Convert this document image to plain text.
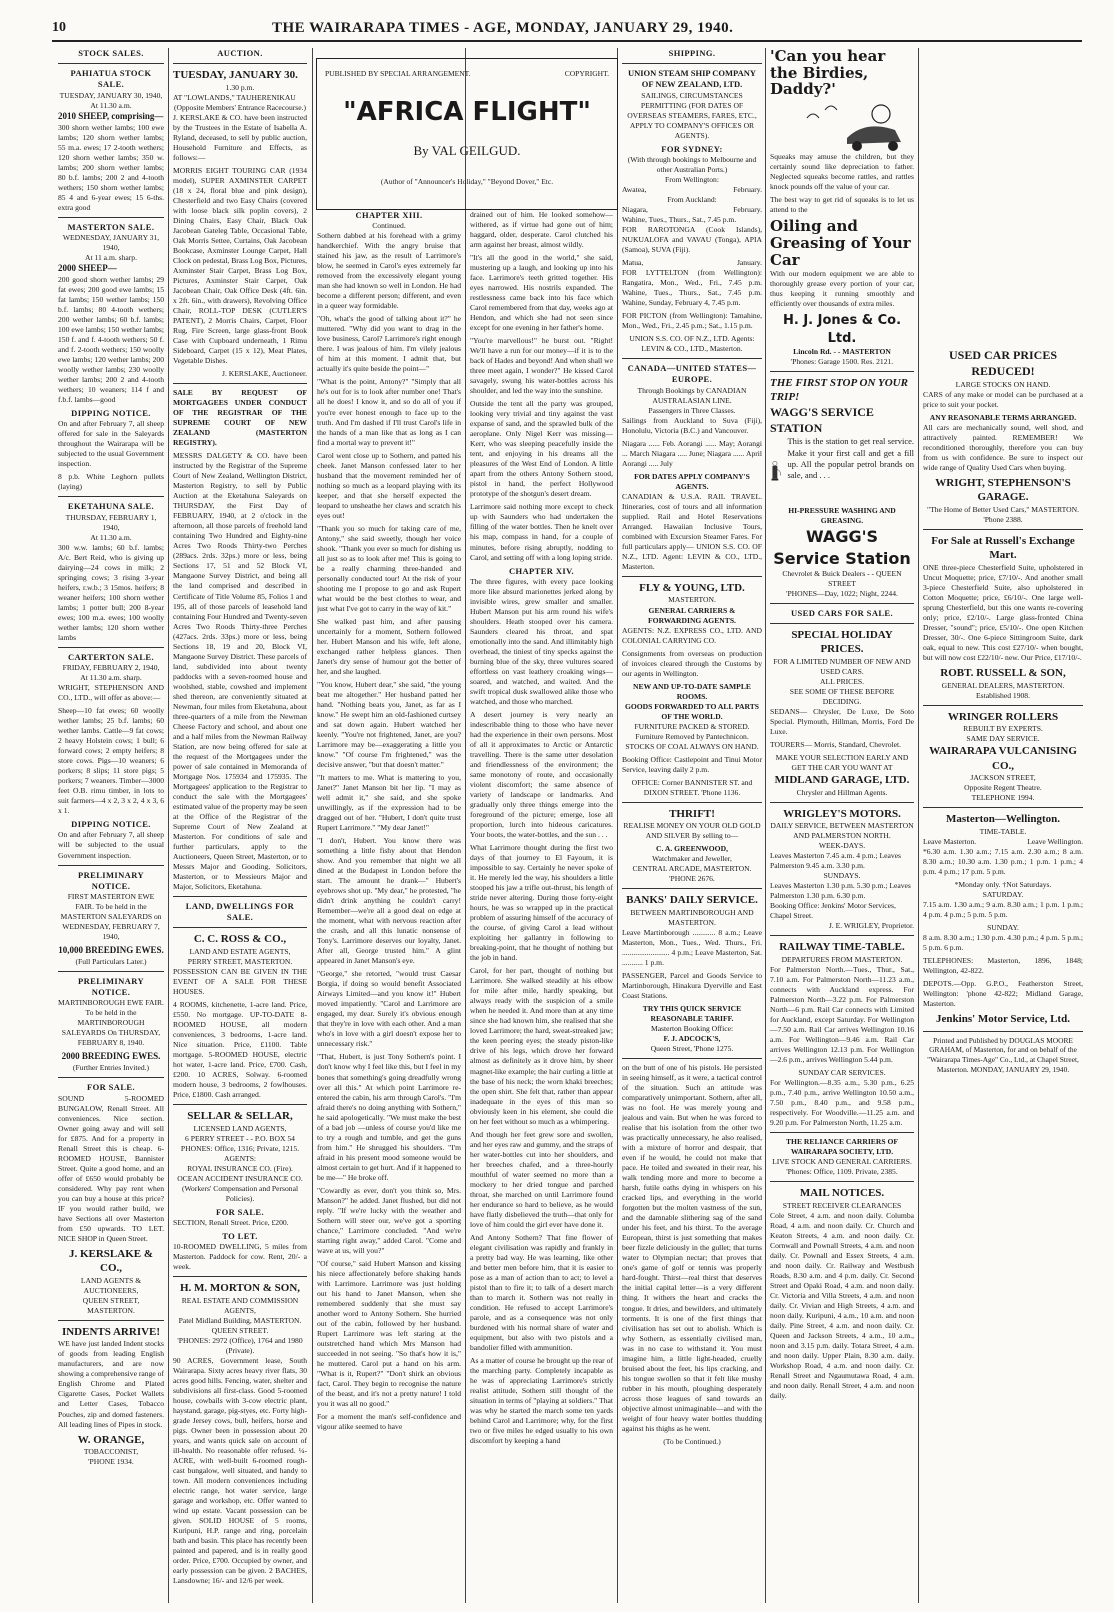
10	THE WAIRARAPA TIMES - AGE, MONDAY, JANUARY 29, 1940.
STOCK SALES.
PAHIATUA STOCK SALE.
TUESDAY, JANUARY 30, 1940,
At 11.30 a.m.
2010 SHEEP, comprising—

300 shorn wether lambs; 100 ewe lambs; 120 shorn wether lambs; 55 m.a. ewes; 17 2-tooth wethers; 120 shorn wether lambs; 350 w. lambs; 200 shorn wether lambs; 80 b.f. lambs; 200 2 and 4-tooth wethers; 150 shorn wether lambs; 85 4 and 6-year ewes; 15 6-ths. extra good

MASTERTON SALE.
WEDNESDAY, JANUARY 31, 1940,
At 11 a.m. sharp.
2000 SHEEP—

200 good shorn wether lambs; 29 fat ewes; 200 good ewe lambs; 15 fat lambs; 150 wether lambs; 150 b.f. lambs; 80 4-tooth wethers; 200 wether lambs; 60 b.f. lambs; 100 ewe lambs; 150 wether lambs; 150 f. and f. 4-tooth wethers; 50 f. and f. 2-tooth wethers; 150 woolly ewe lambs; 120 wether lambs; 200 woolly wether lambs; 230 woolly wether lambs; 200 2 and 4-tooth wethers; 10 weaners; 114 f and f.b.f. lambs—good

DIPPING NOTICE.

On and after February 7, all sheep offered for sale in the Saleyards throughout the Wairarapa will be subjected to the usual Government inspection.

8 p.b. White Leghorn pullets (laying)

EKETAHUNA SALE.
THURSDAY, FEBRUARY 1, 1940,
At 11.30 a.m.

300 w.w. lambs; 60 b.f. lambs; A/c. Bert Reid, who is giving up dairying—24 cows in milk; 2 springing cows; 3 rising 3-year heifers, r.w.b.; 3 15mos. heifers; 8 weaner heifers; 100 shorn wether lambs; 1 potter bull; 200 8-year ewes; 100 m.a. ewes; 100 woolly wether lambs; 120 shorn wether lambs

CARTERTON SALE.
FRIDAY, FEBRUARY 2, 1940,
At 11.30 a.m. sharp.

WRIGHT, STEPHENSON AND CO., LTD., will offer as above:—

Sheep—10 fat ewes; 60 woolly wether lambs; 25 b.f. lambs; 60 wether lambs. Cattle—9 fat cows; 2 heavy Holstein cows; 1 bull; 6 forward cows; 2 empty heifers; 8 store cows. Pigs—10 weaners; 6 porkers; 8 slips; 11 store pigs; 5 porkers; 7 weaners. Timber—3000 feet O.B. rimu timber, in lots to suit farmers—4 x 2, 3 x 2, 4 x 3, 6 x 1.

DIPPING NOTICE.

On and after February 7, all sheep will be subjected to the usual Government inspection.

PRELIMINARY NOTICE.

FIRST MASTERTON EWE FAIR. To be held in the MASTERTON SALEYARDS on WEDNESDAY, FEBRUARY 7, 1940,

10,000 BREEDING EWES.
(Full Particulars Later.)
PRELIMINARY NOTICE.

MARTINBOROUGH EWE FAIR. To be held in the MARTINBOROUGH SALEYARDS On THURSDAY, FEBRUARY 8, 1940.

2000 BREEDING EWES.
(Further Entries Invited.)
FOR SALE.

SOUND 5-ROOMED BUNGALOW, Renall Street. All conveniences. Nice section. Owner going away and will sell for £875. And for a property in Renall Street this is cheap. 6-ROOMED HOUSE, Bannister Street. Quite a good home, and an offer of £650 would probably be considered. Why pay rent when you can buy a house at this price? IF you would rather build, we have Sections all over Masterton from £50 upwards. TO LET. NICE SHOP in Queen Street.

J. KERSLAKE & CO.,
LAND AGENTS & AUCTIONEERS,
QUEEN STREET, MASTERTON.
INDENTS ARRIVE!

WE have just landed Indent stocks of goods from leading English manufacturers, and are now showing a comprehensive range of English Chrome and Plated Cigarette Cases, Pocket Wallets and Letter Cases, Tobacco Pouches, zip and domed fasteners. All leading lines of Pipes in stock.

W. ORANGE,
TOBACCONIST,
'PHONE 1934.
AUCTION.
TUESDAY, JANUARY 30.
1.30 p.m.
AT "LOWLANDS," TAUHERENIKAU
(Opposite Members' Entrance Racecourse.)

J. KERSLAKE & CO. have been instructed by the Trustees in the Estate of Isabella A. Ryland, deceased, to sell by public auction, Household Furniture and Effects, as follows:—

MORRIS EIGHT TOURING CAR (1934 model), SUPER AXMINSTER CARPET (18 x 24, floral blue and pink design), Chesterfield and two Easy Chairs (covered with loose black silk poplin covers), 2 Dining Chairs, Easy Chair, Black Oak Jacobean Gateleg Table, Occasional Table, Oak Morris Settee, Curtains, Oak Jacobean Bookcase, Axminster Lounge Carpet, Hall Clock on pedestal, Brass Log Box, Pictures, Axminster Stair Carpet, Brass Log Box, Pictures, Axminster Stair Carpet, Oak Jacobean Chair, Oak Office Desk (4ft. 6in. x 2ft. 6in., with drawers), Revolving Office Chair, ROLL-TOP DESK (CUTLER'S PATENT), 2 Morris Chairs, Carpet, Floor Rug, Fire Screen, large glass-front Book Case with Cupboard underneath, 1 Rimu Sideboard, Carpet (15 x 12), Meat Plates, Vegetable Dishes.

J. KERSLAKE, Auctioneer.

SALE BY REQUEST OF MORTGAGEES UNDER CONDUCT OF THE REGISTRAR OF THE SUPREME COURT OF NEW ZEALAND (MASTERTON REGISTRY).

MESSRS DALGETY & CO. have been instructed by the Registrar of the Supreme Court of New Zealand, Wellington District, Masterton Registry, to sell by Public Auction at the Eketahuna Saleyards on THURSDAY, the First Day of FEBRUARY, 1940, at 2 o'clock in the afternoon, all those parcels of freehold land containing Two Hundred and Eighty-nine Acres Two Roods Thirty-two Perches (289acs. 2rds. 32ps.) more or less, being Sections 17, 51 and 52 Block VI, Mangaone Survey District, and being all the land comprised and described in Certificate of Title Volume 85, Folios 1 and 195, all of those parcels of leasehold land containing Four Hundred and Twenty-seven Acres Two Roods Thirty-three Perches (427acs. 2rds. 33ps.) more or less, being Sections 18, 19 and 20, Block VI, Mangaone Survey District. These parcels of land, subdivided into about twenty paddocks with a seven-roomed house and woolshed, stable, cowshed and implement shed thereon, are conveniently situated at Newman, four miles from Eketahuna, about three-quarters of a mile from the Newman Cheese Factory and school, and about one and a half miles from the Newman Railway Station, are now being offered for sale at the request of the Mortgagees under the power of sale contained in Memoranda of Mortgage Nos. 175934 and 175935. The Mortgagees' application to the Registrar to conduct the sale with the Mortgagees' estimated value of the property may be seen at the Office of the Registrar of the Supreme Court of New Zealand at Masterton. For conditions of sale and further particulars, apply to the Auctioneers, Queen Street, Masterton, or to Messrs Major and Gooding, Solicitors, Masterton, or to Messieurs Major and Major, Solicitors, Eketahuna.

LAND, DWELLINGS FOR SALE.
C. C. ROSS & CO.,
LAND AND ESTATE AGENTS,
PERRY STREET, MASTERTON.

POSSESSION CAN BE GIVEN IN THE EVENT OF A SALE FOR THESE HOUSES.

4 ROOMS, kitchenette, 1-acre land. Price, £550. No mortgage. UP-TO-DATE 8-ROOMED HOUSE, all modern conveniences, 3 bedrooms, 1-acre land. Nice situation. Price, £1100. Table mortgage. 5-ROOMED HOUSE, electric hot water, 1-acre land. Price, £700. Cash, £200. 10 ACRES, Solway. 6-roomed modern house, 3 bedrooms, 2 fowlhouses. Price, £1800. Cash arranged.

SELLAR & SELLAR,
LICENSED LAND AGENTS,
6 PERRY STREET - - P.O. BOX 54
PHONES: Office, 1316; Private, 1215.
AGENTS:
ROYAL INSURANCE CO. (Fire).

OCEAN ACCIDENT INSURANCE CO. (Workers' Compensation and Personal Policies).

FOR SALE.

SECTION, Renall Street. Price, £200.

TO LET.

10-ROOMED DWELLING, 5 miles from Masterton. Paddock for cow. Rent, 20/- a week.

H. M. MORTON & SON,
REAL ESTATE AND COMMISSION AGENTS,
Patel Midland Building, MASTERTON. QUEEN STREET.
'PHONES: 2972 (Office), 1764 and 1980 (Private).

90 ACRES, Government lease, South Wairarapa. Sixty acres heavy river flats, 30 acres good hills. Fencing, water, shelter and subdivisions all first-class. Good 5-roomed house, cowbails with 3-cow electric plant, haystand, garage, pig-styes, etc. Forty high-grade Jersey cows, bull, heifers, horse and pigs. Owner been in possession about 20 years, and wants quick sale on account of ill-health. No reasonable offer refused. ¼-ACRE, with well-built 6-roomed rough-cast bungalow, well situated, and handy to town. All modern conveniences including electric range, hot water service, large garage and workshop, etc. Offer wanted to wind up estate. Vacant possession can be given. SOLID HOUSE of 5 rooms, Kuripuni, H.P. range and ring, porcelain bath and basin. This place has recently been painted and papered, and is in really good order. Price, £700. Occupied by owner, and early possession can be given. 2 BACHES, Lansdowne; 16/- and 12/6 per week.

CHAPTER XIII.
Continued.

Sothern dabbed at his forehead with a grimy handkerchief. With the angry bruise that stained his jaw, as the result of Larrimore's blow, he seemed in Carol's eyes extremely far removed from the excessively elegant young man she had known so well in London. He had become a different person; different, and even in a queer way formidable.

"Oh, what's the good of talking about it?" he muttered. "Why did you want to drag in the love business, Carol? Larrimore's right enough there. I was jealous of him. I'm vilely jealous of him at this moment. I admit that, but actually it's quite beside the point—"

"What is the point, Antony?" "Simply that all he's out for is to look after number one! That's all he does! I know it, and so do all of you if you're ever honest enough to face up to the truth. And I'm dashed if I'll trust Carol's life in the hands of a man like that as long as I can find a mortal way to prevent it!"

Carol went close up to Sothern, and patted his cheek. Janet Manson confessed later to her husband that the movement reminded her of nothing so much as a leopard playing with its keeper, and that she herself expected the leopard to unsheathe her claws and scratch his eyes out!

"Thank you so much for taking care of me, Antony," she said sweetly, though her voice shook. "Thank you ever so much for dishing us all just so as to look after me! This is going to be a really charming three-handed and personally conducted tour! At the risk of your shooting me I propose to go and ask Rupert what would be the best clothes to wear, and just what I've got to carry in the way of kit."

She walked past him, and after pausing uncertainly for a moment, Sothern followed her. Hubert Manson and his wife, left alone, exchanged rather helpless glances. Then Janet's dry sense of humour got the better of her, and she laughed.

"You know, Hubert dear," she said, "the young beat me altogether." Her husband patted her hand. "Nothing beats you, Janet, as far as I know." He swept him an old-fashioned curtsey and sat down again. Hubert watched her keenly. "You're not frightened, Janet, are you? Larrimore may be—exaggerating a little you know." "Of course I'm frightened," was the decisive answer, "but that doesn't matter."

"It matters to me. What is mattering to you, Janet?" Janet Manson bit her lip. "I may as well admit it," she said, and she spoke unwillingly, as if the expression had to be dragged out of her. "Hubert, I don't quite trust Rupert Larrimore." "My dear Janet!"

"I don't, Hubert. You know there was something a little fishy about that Hendon show. And you remember that night we all dined at the Budapest in London before the start. The amount he drank—" Hubert's eyebrows shot up. "My dear," he protested, "he didn't drink anything he couldn't carry! Remember—we're all a good deal on edge at the moment, what with nervous reaction after the crash, and all this lunatic nonsense of Tony's. Larrimore deserves our loyalty, Janet. After all, George trusted him." A glint appeared in Janet Manson's eye.

"George," she retorted, "would trust Caesar Borgia, if doing so would benefit Associated Airways Limited—and you know it!" Hubert moved impatiently. "Carol and Larrimore are engaged, my dear. Surely it's obvious enough that they're in love with each other. And a man who's in love with a girl doesn't expose her to unnecessary risk."

"That, Hubert, is just Tony Sothern's point. I don't know why I feel like this, but I feel in my bones that something's going dreadfully wrong over all this." At which point Larrimore re-entered the cabin, his arm through Carol's. "I'm afraid there's no doing anything with Sothern," he said apologetically. "We must make the best of a bad job —unless of course you'd like me to try a rough and tumble, and get the guns from him." He shrugged his shoulders. "I'm afraid in his present mood someone would be almost certain to get hurt. And if it happened to be me—" He broke off.

"Cowardly as ever, don't you think so, Mrs. Manson?" he added. Janet flushed, but did not reply. "If we're lucky with the weather and Sothern will steer our, we've got a sporting chance," Larrimore concluded. "And we're starting right away," added Carol. "Come and wave at us, will you?"

"Of course," said Hubert Manson and kissing his niece affectionately before shaking hands with Larrimore. Larrimore was just holding out his hand to Janet Manson, when she remembered suddenly that she must say another word to Antony Sothern. She hurried out of the cabin, followed by her husband. Rupert Larrimore was left staring at the outstretched hand which Mrs Manson had succeeded in not seeing. "So that's how it is," he muttered. Carol put a hand on his arm. "What is it, Rupert?" "Don't shirk an obvious fact, Carol. They begin to recognise the nature of the beast, and it's not a pretty nature! I told you it was all no good."

For a moment the man's self-confidence and vigour alike seemed to have

PUBLISHED BY SPECIAL ARRANGEMENT.	COPYRIGHT.
"AFRICA FLIGHT"
By VAL GEILGUD.
(Author of "Announcer's Holiday," "Beyond Dover," Etc.

drained out of him. He looked somehow—withered, as if virtue had gone out of him; haggard, older, desperate. Carol clutched his arm against her breast, almost wildly.

"It's all the good in the world," she said, mustering up a laugh, and looking up into his face. Larrimore's teeth gritted together. His eyes narrowed. His nostrils expanded. The restlessness came back into his face which Carol remembered from that day, weeks ago at Hendon, and which she had not seen since except for one evening in her father's home.

"You're marvellous!" he burst out. "Right! We'll have a run for our money—if it is to the back of Hades and beyond! And when shall we three meet again, I wonder?" He kissed Carol savagely, swung his water-bottles across his shoulder, and led the way into the sunshine.

Outside the tent all the party was grouped, looking very trivial and tiny against the vast expanse of sand, and the sprawled bulk of the aeroplane. Only Nigel Kerr was missing—Kerr, who was sleeping peacefully inside the tent, and enjoying in his dreams all the pleasures of the West End of London. A little apart from the others Antony Sothern stood, pistol in hand, the perfect Hollywood prototype of the shotgun's desert dream.

Larrimore said nothing more except to check up with Saunders who had undertaken the filling of the water bottles. Then he knelt over his map, compass in hand, for a couple of minutes, before rising abruptly, nodding to Carol, and setting off with a long loping stride.

CHAPTER XIV.

The three figures, with every pace looking more like absurd marionettes jerked along by invisible wires, grew smaller and smaller. Hubert Manson put his arm round his wife's shoulders. Heath stooped over his camera. Saunders cleared his throat, and spat emotionally into the sand. And illimitably high overhead, the tiniest of tiny specks against the burning blue of the sky, three vultures soared effortless on vast leathery croaking wings—soared, and watched, and waited. And the swift tropical dusk swallowed alike those who watched, and those who marched.

A desert journey is very nearly an indescribable thing to those who have never had the experience in their own persons. Most of all it approximates to Arctic or Antarctic travelling. There is the same utter desolation and friendlessness of the environment; the same monotony of route, and occasionally violent discomfort; the same absence of variety of landscape or landmarks. And gradually only three things emerge into the foreground of the picture; emerge, lose all proportion, lurch into hideous caricatures. Your boots, the water-bottles, and the sun . . .

What Larrimore thought during the first two days of that journey to El Fayoum, it is impossible to say. Certainly he never spoke of it. He merely led the way, his shoulders a little stooped his jaw a trifle out-thrust, his length of stride never altering. During those forty-eight hours, he was so wrapped up in the practical problem of assuring himself of the accuracy of the course, of giving Carol a lead without exploiting her gallantry in following to breaking-point, that he thought of nothing but the job in hand.

Carol, for her part, thought of nothing but Larrimore. She walked steadily at his elbow for mile after mile, hardly speaking, but always ready with the suspicion of a smile when he needed it. And more than at any time since she had known him, she realised that she loved Larrimore; the hard, sweat-streaked jaw; the keen peering eyes; the steady piston-like drive of his legs, which drove her forward almost as definitely as it drove him, by sheer magnet-like example; the hair curling a little at the base of his neck; the worn khaki breeches; the open shirt. She felt that, rather than appear inadequate in the eyes of this man so obviously keen in his element, she could die on her feet without so much as a whimpering.

And though her feet grew sore and swollen, and her eyes raw and gummy, and the straps of her water-bottles cut into her shoulders, and her breeches chafed, and a three-hourly mouthful of water seemed no more than a mockery to her dried tongue and parched throat, she marched on until Larrimore found her endurance so hard to believe, as he would have flatly disbelieved the truth—that only for love of him could the girl ever have done it.

And Antony Sothern? That fine flower of elegant civilisation was rapidly and frankly in a pretty bad way. He was learning, like other and better men before him, that it is easier to pose as a man of action than to act; to level a pistol than to fire it; to talk of a desert march than to march it. Sothern was not really in condition. He refused to accept Larrimore's parole, and as a consequence was not only burdened with his normal share of water and equipment, but also with two pistols and a bandolier filled with ammunition.

As a matter of course he brought up the rear of the marching party. Completely incapable as he was of appreciating Larrimore's strictly realist attitude, Sothern still thought of the situation in terms of "playing at soldiers." That was why he started the march some ten yards behind Carol and Larrimore; why, for the first two or five miles he edged usually to his own discomfort by keeping a hand

SHIPPING.
UNION STEAM SHIP COMPANY OF NEW ZEALAND, LTD.

SAILINGS, CIRCUMSTANCES PERMITTING (FOR DATES OF OVERSEAS STEAMERS, FARES, ETC., APPLY TO COMPANY'S OFFICES OR AGENTS).

FOR SYDNEY:
(With through bookings to Melbourne and other Australian Ports.)
From Wellington:
Awatea,	February.
From Auckland:
Niagara,	February.
Wahine, Tues., Thurs., Sat., 7.45 p.m.

FOR RAROTONGA (Cook Islands), NUKUALOFA and VAVAU (Tonga), APIA (Samoa), SUVA (Fiji).

Matua,	January.

FOR LYTTELTON (from Wellington): Rangatira, Mon., Wed., Fri., 7.45 p.m. Wahine, Tues., Thurs., Sat., 7.45 p.m. Wahine, Sunday, February 4, 7.45 p.m.

FOR PICTON (from Wellington): Tamahine, Mon., Wed., Fri., 2.45 p.m.; Sat., 1.15 p.m.

UNION S.S. CO. OF N.Z., LTD. Agents: LEVIN & CO., LTD., Masterton.

CANADA—UNITED STATES—EUROPE.
Through Bookings by CANADIAN AUSTRALASIAN LINE.
Passengers in Three Classes.

Sailings from Auckland to Suva (Fiji), Honolulu, Victoria (B.C.) and Vancouver.

Niagara ...... Feb. Aorangi ...... May; Aorangi ... March Niagara ..... June; Niagara ...... April Aorangi ..... July

FOR DATES APPLY COMPANY'S AGENTS.

CANADIAN & U.S.A. RAIL TRAVEL. Itineraries, cost of tours and all information supplied. Rail and Hotel Reservations Arranged. Hawaiian Inclusive Tours, combined with Excursion Steamer Fares. For full particulars apply— UNION S.S. CO. OF N.Z., LTD. Agent: LEVIN & CO., LTD., Masterton.

FLY & YOUNG, LTD.
MASTERTON.
GENERAL CARRIERS & FORWARDING AGENTS.

AGENTS: N.Z. EXPRESS CO., LTD. AND COLONIAL CARRYING CO.

Consignments from overseas on production of invoices cleared through the Customs by our agents in Wellington.

NEW AND UP-TO-DATE SAMPLE ROOMS.
GOODS FORWARDED TO ALL PARTS OF THE WORLD.

FURNITURE PACKED & STORED. Furniture Removed by Pantechnicon. STOCKS OF COAL ALWAYS ON HAND.

Booking Office: Castlepoint and Tinui Motor Service, leaving daily 2 p.m.

OFFICE: Corner BANNISTER ST. and DIXON STREET. 'Phone 1136.

THRIFT!

REALISE MONEY ON YOUR OLD GOLD AND SILVER By selling to—

C. A. GREENWOOD,
Watchmaker and Jeweller,
CENTRAL ARCADE, MASTERTON. 'PHONE 2676.
BANKS' DAILY SERVICE.
BETWEEN MARTINBOROUGH AND MASTERTON.

Leave Martinborough ............ 8 a.m.; Leave Masterton, Mon., Tues., Wed. Thurs., Fri. ......................... 4 p.m.; Leave Masterton, Sat. ........... 1 p.m.

PASSENGER, Parcel and Goods Service to Martinborough, Hinakura Dyerville and East Coast Stations.

TRY THIS QUICK SERVICE REASONABLE TARIFF.
Masterton Booking Office:
F. J. ADCOCK'S,
Queen Street, 'Phone 1275.

on the butt of one of his pistols. He persisted in seeing himself, as it were, a tactical control of the situation. Such an attitude was comparatively unimportant. Sothern, after all, was no fool. He was merely young and jealous and vain. But when he was forced to realise that his isolation from the other two was practically unnecessary, he also realised, with a mixture of horror and despair, that even if he would, he could not make that pace. He toiled and sweated in their rear, his walk tending more and more to become a harsh, futile oaths dying in whispers on his cracked lips, and everything in the world forgotten but the molten vastness of the sun, and the damnable slithering sag of the sand under his feet, and his thirst. To the average European, thirst is just something that makes beer fizzle deliciously in the gullet; that turns water to Olympian nectar; that proves that one's game of golf or tennis was properly hard-fought. Thirst—real thirst that deserves the initial capital letter—is a very different thing. It withers the heart and cracks the tongue. It dries, and bewilders, and ultimately torments. It is one of the first things that civilisation has set out to abolish. Which is why Sothern, as essentially civilised man, was in no case to withstand it. You must imagine him, a little light-headed, cruelly bruised about the feet, his lips cracking, and his tongue swollen so that it felt like mushy rubber in his mouth, ploughing desperately across those leagues of sand towards an objective almost unimaginable—and with the weight of four heavy water bottles thudding against his thighs as he went.

(To be Continued.)
'Can you hear the Birdies, Daddy?'

Squeaks may amuse the children, but they certainly sound like depreciation to father. Neglected squeaks become rattles, and rattles knock pounds off the value of your car.

The best way to get rid of squeaks is to let us attend to the

Oiling and Greasing of Your Car

With our modern equipment we are able to thoroughly grease every portion of your car, thus keeping it running smoothly and efficiently over thousands of extra miles.

H. J. Jones & Co. Ltd.
Lincoln Rd. - - MASTERTON
'Phones: Garage 1500. Res. 2121.
THE FIRST STOP ON YOUR TRIP!
WAGG'S SERVICE STATION

This is the station to get real service. Make it your first call and get a fill up. All the popular petrol brands on sale, and . . .

HI-PRESSURE WASHING AND GREASING.
WAGG'S Service Station
Chevrolet & Buick Dealers - - QUEEN STREET
'PHONES—Day, 1022; Night, 2244.
USED CARS FOR SALE.
SPECIAL HOLIDAY PRICES.
FOR A LIMITED NUMBER OF NEW AND USED CARS.
ALL PRICES.
SEE SOME OF THESE BEFORE DECIDING.

SEDANS— Chrysler, De Luxe, De Soto Special. Plymouth, Hillman, Morris, Ford De Luxe.

TOURERS— Morris, Standard, Chevrolet.

MAKE YOUR SELECTION EARLY AND GET THE CAR YOU WANT AT
MIDLAND GARAGE, LTD.
Chrysler and Hillman Agents.
WRIGLEY'S MOTORS.
DAILY SERVICE, BETWEEN MASTERTON AND PALMERSTON NORTH.
WEEK-DAYS.
Leaves Masterton 7.45 a.m. 4 p.m.; Leaves Palmerston 9.45 a.m. 3.30 p.m.
SUNDAYS.
Leaves Masterton 1.30 p.m. 5.30 p.m.; Leaves Palmerston 1.30 p.m. 6.30 p.m.
Booking Office: Jenkins' Motor Services, Chapel Street.
J. E. WRIGLEY, Proprietor.
RAILWAY TIME-TABLE.
DEPARTURES FROM MASTERTON.

For Palmerston North.—Tues., Thur., Sat., 7.10 a.m. For Palmerston North—11.23 a.m., connects with Auckland express. For Palmerston North—3.22 p.m. For Palmerston North—6 p.m. Rail Car connects with Limited for Auckland, except Saturday. For Wellington—7.50 a.m. Rail Car arrives Wellington 10.16 a.m. For Wellington—9.46 a.m. Rail Car arrives Wellington 12.13 p.m. For Wellington—2.6 p.m., arrives Wellington 5.44 p.m.

SUNDAY CAR SERVICES.

For Wellington.—8.35 a.m., 5.30 p.m., 6.25 p.m., 7.40 p.m., arrive Wellington 10.50 a.m., 7.50 p.m., 8.40 p.m., and 9.58 p.m., respectively. For Woodville.—11.25 a.m. and 9.20 p.m. For Palmerston North, 11.25 a.m.

THE RELIANCE CARRIERS OF WAIRARAPA SOCIETY, LTD.
LIVE STOCK AND GENERAL CARRIERS.
'Phones: Office, 1109. Private, 2385.
MAIL NOTICES.
STREET RECEIVER CLEARANCES

Cole Street, 4 a.m. and noon daily. Columba Road, 4 a.m. and noon daily. Cr. Church and Keaton Streets, 4 a.m. and noon daily. Cr. Cornwall and Pownall Streets, 4 a.m. and noon daily. Cr. Pownall and Essex Streets, 4 a.m. and noon daily. Cr. Railway and Westbush Roads, 8.30 a.m. and 4 p.m. daily. Cr. Second Street and Opaki Road, 4 a.m. and noon daily. Cr. Victoria and Villa Streets, 4 a.m. and noon daily. Cr. Vivian and High Streets, 4 a.m. and noon daily. Kuripuni, 4 a.m., 10 a.m. and noon daily. Pine Street, 4 a.m. and noon daily. Cr. Queen and Jackson Streets, 4 a.m., 10 a.m., noon and 3.15 p.m. daily. Totara Street, 4 a.m. and noon daily. Upper Plain, 8.30 a.m. daily. Workshop Road, 4 a.m. and noon daily. Cr. Renall Street and Ngaumutawa Road, 4 a.m. and noon daily. Renall Street, 4 a.m. and noon daily.

USED CAR PRICES REDUCED!
LARGE STOCKS ON HAND.

CARS of any make or model can be purchased at a price to suit your pocket.

ANY REASONABLE TERMS ARRANGED.

All cars are mechanically sound, well shod, and attractively painted. REMEMBER! We reconditioned thoroughly, therefore you can buy from us with confidence. Be sure to inspect our wide range of Quality Used Cars when buying.

WRIGHT, STEPHENSON'S GARAGE.
"The Home of Better Used Cars," MASTERTON. 'Phone 2388.
For Sale at Russell's Exchange Mart.

ONE three-piece Chesterfield Suite, upholstered in Uncut Moquette; price, £7/10/-. And another small 3-piece Chesterfield Suite, also upholstered in Cotton Moquette; price, £6/10/-. One large well-sprung Chesterfield, but this one wants re-covering only; price, £2/10/-. Large glass-fronted China Dresser, "sound"; price, £5/10/-. One open Kitchen Dresser, 30/-. One 6-piece Sittingroom Suite, dark oak, equal to new. This cost £27/10/- when bought, but will now cost £22/10/- new. Our Price, £17/10/-.

ROBT. RUSSELL & SON,
GENERAL DEALERS, MASTERTON.
Established 1908.
WRINGER ROLLERS
REBUILT BY EXPERTS.
SAME DAY SERVICE.
WAIRARAPA VULCANISING CO.,
JACKSON STREET,
Opposite Regent Theatre.
TELEPHONE 1994.
Masterton—Wellington.
TIME-TABLE.
Leave Masterton.	Leave Wellington.

*6.30 a.m. 1.30 a.m.; 7.15 a.m. 2.30 a.m.; 8 a.m. 8.30 a.m.; 10.30 a.m. 1.30 p.m.; 1 p.m. 1 p.m.; 4 p.m. 4 p.m.; 17 p.m. 5 p.m.

*Monday only. †Not Saturdays.
SATURDAY.

7.15 a.m. 1.30 a.m.; 9 a.m. 8.30 a.m.; 1 p.m. 1 p.m.; 4 p.m. 4 p.m.; 5 p.m. 5 p.m.

SUNDAY.

8 a.m. 8.30 a.m.; 1.30 p.m. 4.30 p.m.; 4 p.m. 5 p.m.; 5 p.m. 6 p.m.

TELEPHONES: Masterton, 1896, 1848; Wellington, 42-822.

DEPOTS.—Opp. G.P.O., Featherston Street, Wellington: 'phone 42-822; Midland Garage, Masterton.

Jenkins' Motor Service, Ltd.

Printed and Published by DOUGLAS MOORE GRAHAM, of Masterton, for and on behalf of the "Wairarapa Times-Age" Co., Ltd., at Chapel Street, Masterton. MONDAY, JANUARY 29, 1940.
